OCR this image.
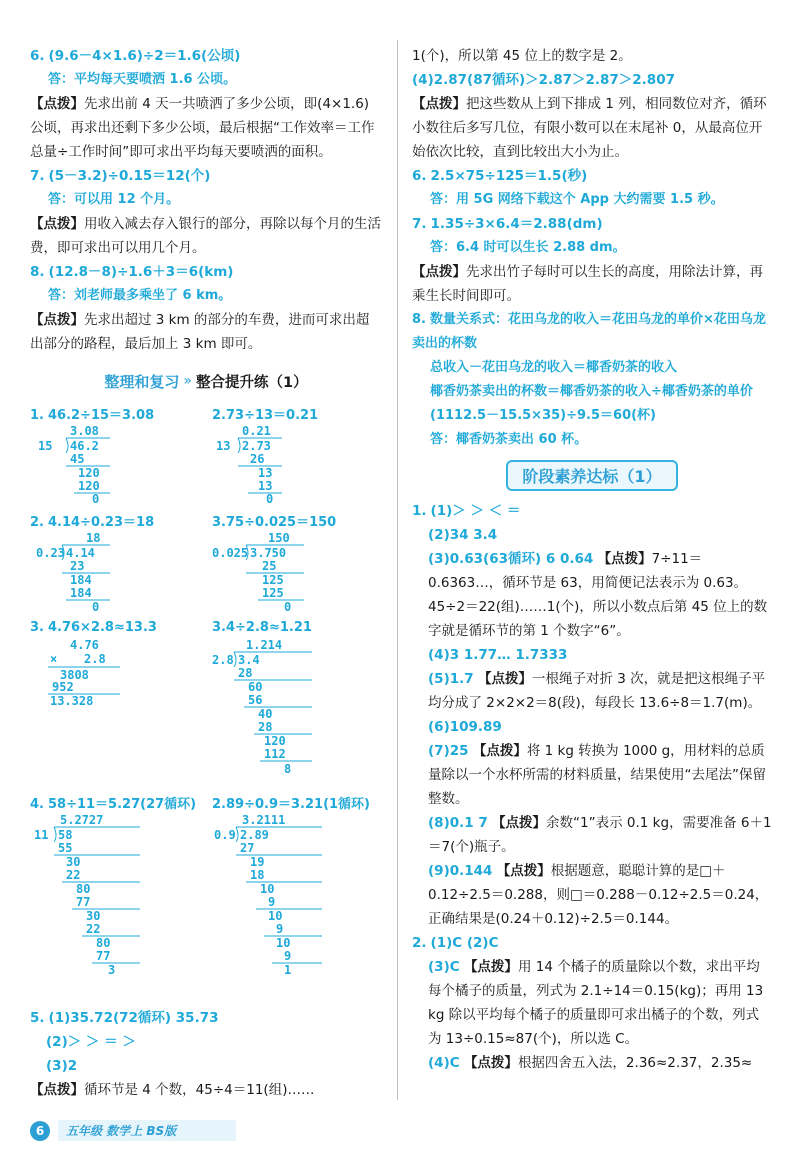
6. (9.6－4×1.6)÷2＝1.6(公顷)

答：平均每天要喷洒 1.6 公顷。

【点拨】先求出前 4 天一共喷洒了多少公顷，即(4×1.6)公顷，再求出还剩下多少公顷，最后根据“工作效率＝工作总量÷工作时间”即可求出平均每天要喷洒的面积。

7. (5－3.2)÷0.15＝12(个)

答：可以用 12 个月。

【点拨】用收入减去存入银行的部分，再除以每个月的生活费，即可求出可以用几个月。

8. (12.8－8)÷1.6＋3＝6(km)

答：刘老师最多乘坐了 6 km。

【点拨】先求出超过 3 km 的部分的车费，进而可求出超出部分的路程，最后加上 3 km 即可。

整理和复习 » 整合提升练（1）
1. 46.2÷15＝3.08
3.08
15 46.2
45
120
120
0
2.73÷13＝0.21
0.21
13 2.73
26
13
13
0
2. 4.14÷0.23＝18
18
0.23 4.14
23
184
184
0
3.75÷0.025＝150
150
0.025 3.750
25
125
125
0
3. 4.76×2.8≈13.3
4.76
× 2.8
3808
952
13.328
3.4÷2.8≈1.21
1.214
2.8 3.4
28
60
56
40
28
120
112
8
4. 58÷11＝5.27(27循环)
5.2727
11 58
55
30
22
80
77
30
22
80
77
3
2.89÷0.9＝3.21(1循环)
3.2111
0.9 2.89
27
19
18
10
9
10
9
10
9
1

5. (1)35.72(72循环) 35.73

(2)＞ ＞ ＝ ＞

(3)2

【点拨】循环节是 4 个数，45÷4＝11(组)……

1(个)，所以第 45 位上的数字是 2。

(4)2.87(87循环)＞2.87＞2.87＞2.807

【点拨】把这些数从上到下排成 1 列，相同数位对齐，循环小数往后多写几位，有限小数可以在末尾补 0，从最高位开始依次比较，直到比较出大小为止。

6. 2.5×75÷125＝1.5(秒)

答：用 5G 网络下载这个 App 大约需要 1.5 秒。

7. 1.35÷3×6.4＝2.88(dm)

答：6.4 时可以生长 2.88 dm。

【点拨】先求出竹子每时可以生长的高度，用除法计算，再乘生长时间即可。

8. 数量关系式：花田乌龙的收入＝花田乌龙的单价×花田乌龙卖出的杯数

总收入－花田乌龙的收入＝椰香奶茶的收入

椰香奶茶卖出的杯数＝椰香奶茶的收入÷椰香奶茶的单价

(1112.5－15.5×35)÷9.5＝60(杯)

答：椰香奶茶卖出 60 杯。

阶段素养达标（1）

1. (1)＞ ＞ ＜ ＝

(2)34 3.4

(3)0.63(63循环) 6 0.64 【点拨】7÷11＝0.6363…，循环节是 63，用简便记法表示为 0.63。45÷2＝22(组)……1(个)，所以小数点后第 45 位上的数字就是循环节的第 1 个数字“6”。

(4)3 1.77… 1.7333

(5)1.7 【点拨】一根绳子对折 3 次，就是把这根绳子平均分成了 2×2×2＝8(段)，每段长 13.6÷8＝1.7(m)。

(6)109.89

(7)25 【点拨】将 1 kg 转换为 1000 g，用材料的总质量除以一个水杯所需的材料质量，结果使用“去尾法”保留整数。

(8)0.1 7 【点拨】余数“1”表示 0.1 kg，需要准备 6＋1＝7(个)瓶子。

(9)0.144 【点拨】根据题意，聪聪计算的是□＋0.12÷2.5＝0.288，则□＝0.288－0.12÷2.5＝0.24，正确结果是(0.24＋0.12)÷2.5＝0.144。

2. (1)C (2)C

(3)C 【点拨】用 14 个橘子的质量除以个数，求出平均每个橘子的质量，列式为 2.1÷14＝0.15(kg)；再用 13 kg 除以平均每个橘子的质量即可求出橘子的个数，列式为 13÷0.15≈87(个)，所以选 C。

(4)C 【点拨】根据四舍五入法，2.36≈2.37，2.35≈

6	五年级 数学上 BS版
